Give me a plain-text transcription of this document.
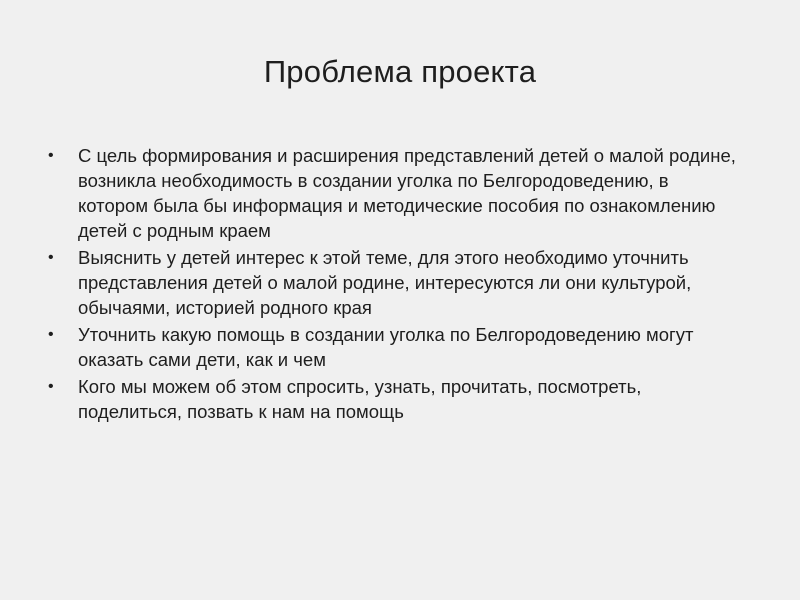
Проблема проекта
•	С цель формирования и расширения представлений детей о малой родине, возникла необходимость в создании уголка по Белгородоведению, в котором была бы информация и методические пособия по ознакомлению детей с родным краем
•	Выяснить у детей интерес к этой теме, для этого необходимо уточнить представления детей о малой родине, интересуются ли они культурой, обычаями, историей родного края
•	Уточнить какую помощь в создании уголка по Белгородоведению могут оказать сами дети, как и чем
•	Кого мы можем об этом спросить, узнать, прочитать, посмотреть, поделиться, позвать к нам на помощь
